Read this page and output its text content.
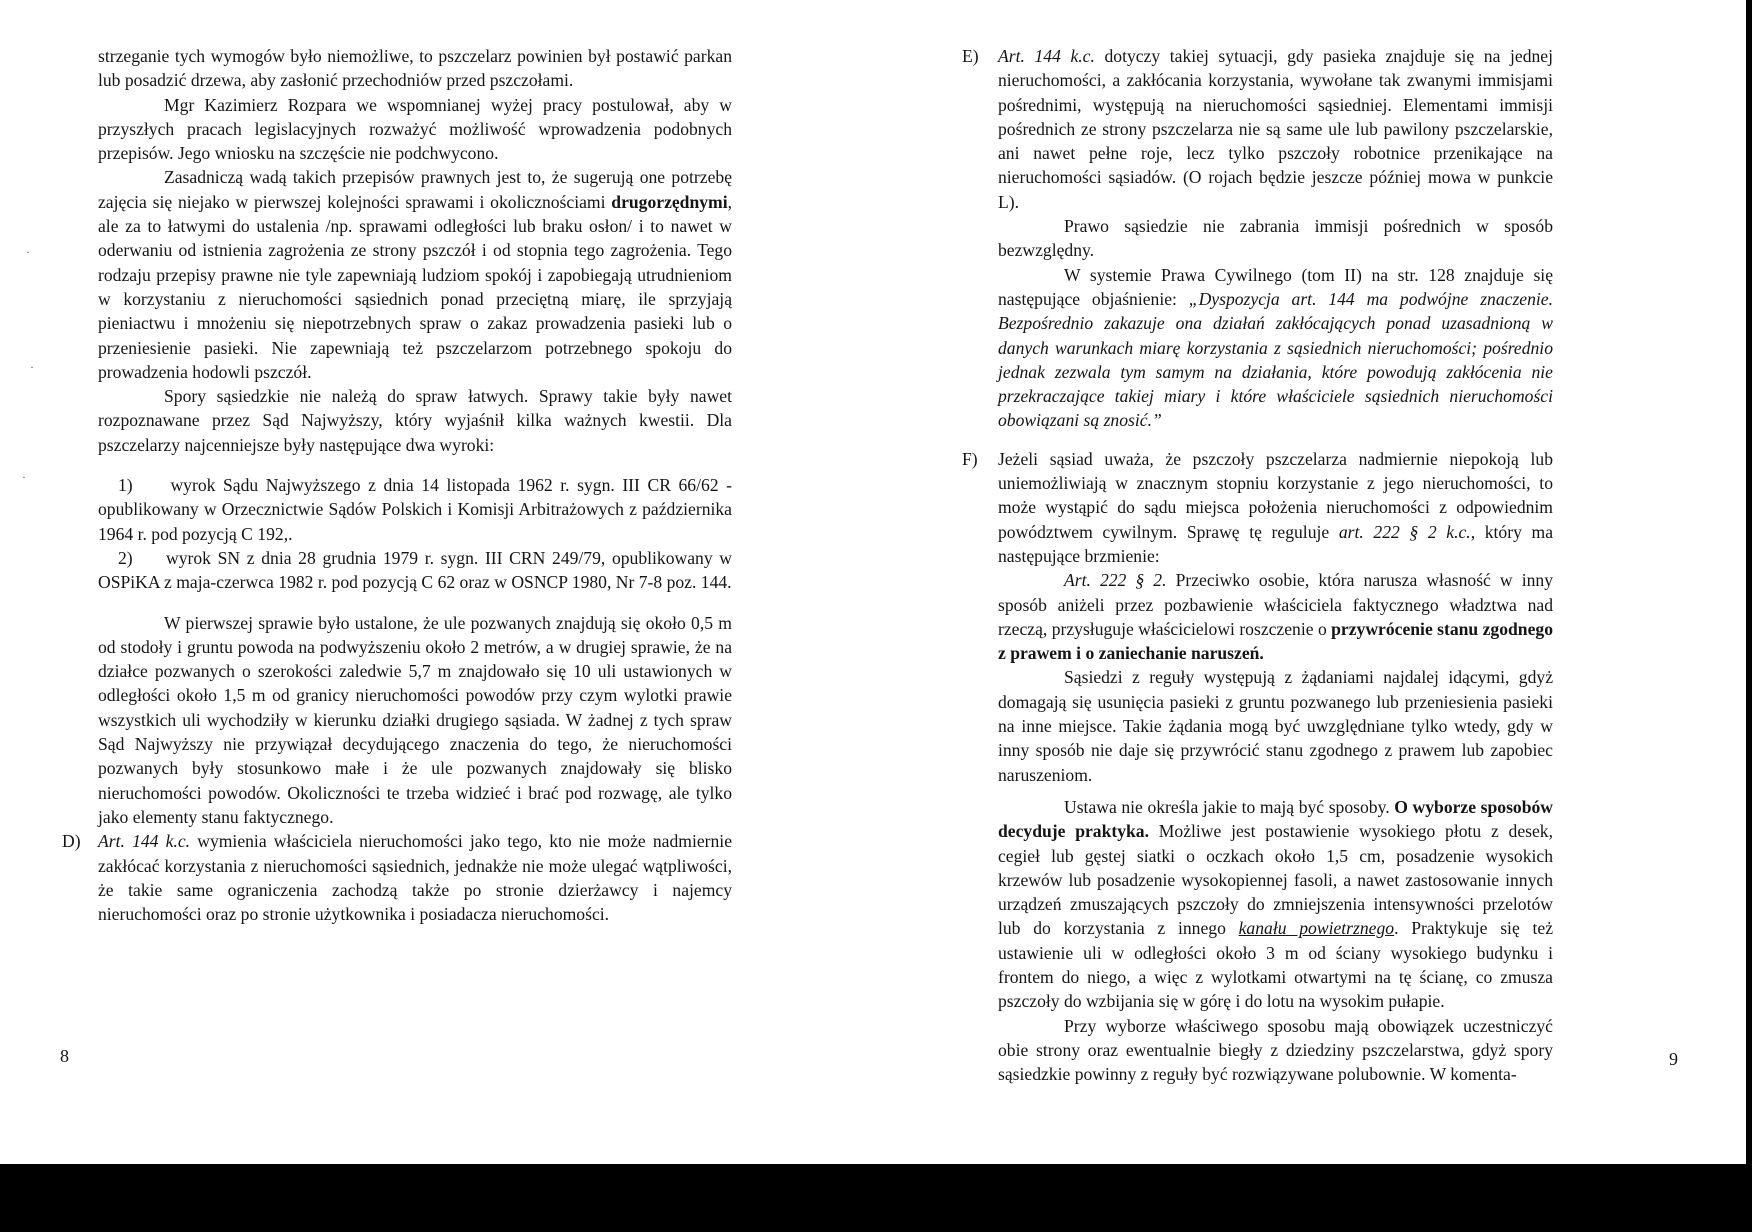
strzeganie tych wymogów było niemożliwe, to pszczelarz powinien był postawić parkan lub posadzić drzewa, aby zasłonić przechodniów przed pszczołami.

Mgr Kazimierz Rozpara we wspomnianej wyżej pracy postulował, aby w przyszłych pracach legislacyjnych rozważyć możliwość wprowadzenia podobnych przepisów. Jego wniosku na szczęście nie podchwycono.

Zasadniczą wadą takich przepisów prawnych jest to, że sugerują one potrzebę zajęcia się niejako w pierwszej kolejności sprawami i okolicznościami drugorzędnymi, ale za to łatwymi do ustalenia /np. sprawami odległości lub braku osłon/ i to nawet w oderwaniu od istnienia zagrożenia ze strony pszczół i od stopnia tego zagrożenia. Tego rodzaju przepisy prawne nie tyle zapewniają ludziom spokój i zapobiegają utrudnieniom w korzystaniu z nieruchomości sąsiednich ponad przeciętną miarę, ile sprzyjają pieniactwu i mnożeniu się niepotrzebnych spraw o zakaz prowadzenia pasieki lub o przeniesienie pasieki. Nie zapewniają też pszczelarzom potrzebnego spokoju do prowadzenia hodowli pszczół.

Spory sąsiedzkie nie należą do spraw łatwych. Sprawy takie były nawet rozpoznawane przez Sąd Najwyższy, który wyjaśnił kilka ważnych kwestii. Dla pszczelarzy najcenniejsze były następujące dwa wyroki:

1) wyrok Sądu Najwyższego z dnia 14 listopada 1962 r. sygn. III CR 66/62 - opublikowany w Orzecznictwie Sądów Polskich i Komisji Arbitrażowych z października 1964 r. pod pozycją C 192,.

2) wyrok SN z dnia 28 grudnia 1979 r. sygn. III CRN 249/79, opublikowany w OSPiKA z maja-czerwca 1982 r. pod pozycją C 62 oraz w OSNCP 1980, Nr 7-8 poz. 144.

W pierwszej sprawie było ustalone, że ule pozwanych znajdują się około 0,5 m od stodoły i gruntu powoda na podwyższeniu około 2 metrów, a w drugiej sprawie, że na działce pozwanych o szerokości zaledwie 5,7 m znajdowało się 10 uli ustawionych w odległości około 1,5 m od granicy nieruchomości powodów przy czym wylotki prawie wszystkich uli wychodziły w kierunku działki drugiego sąsiada. W żadnej z tych spraw Sąd Najwyższy nie przywiązał decydującego znaczenia do tego, że nieruchomości pozwanych były stosunkowo małe i że ule pozwanych znajdowały się blisko nieruchomości powodów. Okoliczności te trzeba widzieć i brać pod rozwagę, ale tylko jako elementy stanu faktycznego.

D) Art. 144 k.c. wymienia właściciela nieruchomości jako tego, kto nie może nadmiernie zakłócać korzystania z nieruchomości sąsiednich, jednakże nie może ulegać wątpliwości, że takie same ograniczenia zachodzą także po stronie dzierżawcy i najemcy nieruchomości oraz po stronie użytkownika i posiadacza nieruchomości.

8
·
·
·

E) Art. 144 k.c. dotyczy takiej sytuacji, gdy pasieka znajduje się na jednej nieruchomości, a zakłócania korzystania, wywołane tak zwanymi immisjami pośrednimi, występują na nieruchomości sąsiedniej. Elementami immisji pośrednich ze strony pszczelarza nie są same ule lub pawilony pszczelarskie, ani nawet pełne roje, lecz tylko pszczoły robotnice przenikające na nieruchomości sąsiadów. (O rojach będzie jeszcze później mowa w punkcie L).

Prawo sąsiedzie nie zabrania immisji pośrednich w sposób bezwzględny.

W systemie Prawa Cywilnego (tom II) na str. 128 znajduje się następujące objaśnienie: „Dyspozycja art. 144 ma podwójne znaczenie. Bezpośrednio zakazuje ona działań zakłócających ponad uzasadnioną w danych warunkach miarę korzystania z sąsiednich nieruchomości; pośrednio jednak zezwala tym samym na działania, które powodują zakłócenia nie przekraczające takiej miary i które właściciele sąsiednich nieruchomości obowiązani są znosić.”

F) Jeżeli sąsiad uważa, że pszczoły pszczelarza nadmiernie niepokoją lub uniemożliwiają w znacznym stopniu korzystanie z jego nieruchomości, to może wystąpić do sądu miejsca położenia nieruchomości z odpowiednim powództwem cywilnym. Sprawę tę reguluje art. 222 § 2 k.c., który ma następujące brzmienie:

Art. 222 § 2. Przeciwko osobie, która narusza własność w inny sposób aniżeli przez pozbawienie właściciela faktycznego władztwa nad rzeczą, przysługuje właścicielowi roszczenie o przywrócenie stanu zgodnego z prawem i o zaniechanie naruszeń.

Sąsiedzi z reguły występują z żądaniami najdalej idącymi, gdyż domagają się usunięcia pasieki z gruntu pozwanego lub przeniesienia pasieki na inne miejsce. Takie żądania mogą być uwzględniane tylko wtedy, gdy w inny sposób nie daje się przywrócić stanu zgodnego z prawem lub zapobiec naruszeniom.

Ustawa nie określa jakie to mają być sposoby. O wyborze sposobów decyduje praktyka. Możliwe jest postawienie wysokiego płotu z desek, cegieł lub gęstej siatki o oczkach około 1,5 cm, posadzenie wysokich krzewów lub posadzenie wysokopiennej fasoli, a nawet zastosowanie innych urządzeń zmuszających pszczoły do zmniejszenia intensywności przelotów lub do korzystania z innego kanału powietrznego. Praktykuje się też ustawienie uli w odległości około 3 m od ściany wysokiego budynku i frontem do niego, a więc z wylotkami otwartymi na tę ścianę, co zmusza pszczoły do wzbijania się w górę i do lotu na wysokim pułapie.

Przy wyborze właściwego sposobu mają obowiązek uczestniczyć obie strony oraz ewentualnie biegły z dziedziny pszczelarstwa, gdyż spory sąsiedzkie powinny z reguły być rozwiązywane polubownie. W komenta-

9
